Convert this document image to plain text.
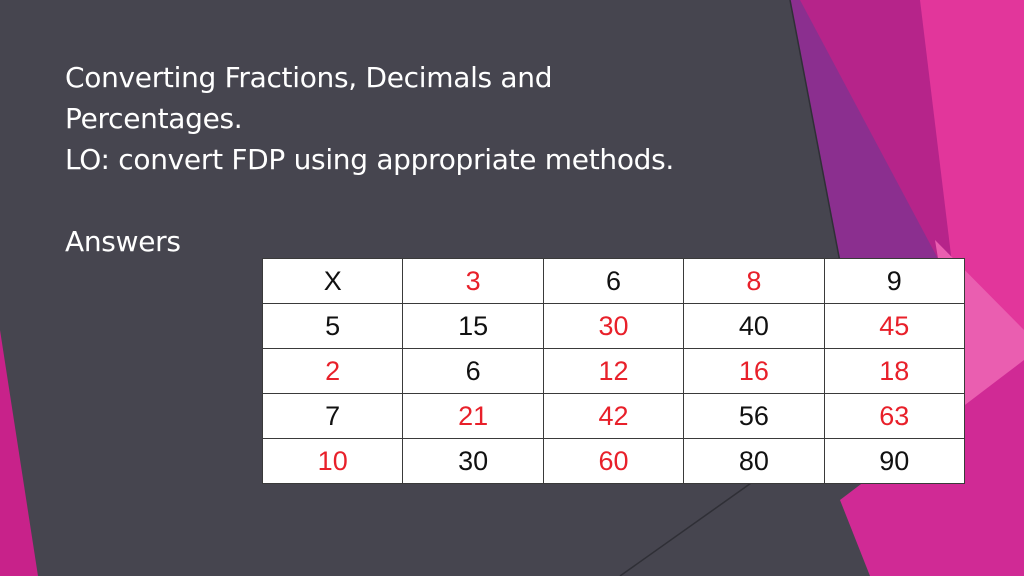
Converting Fractions, Decimals and
Percentages.
LO: convert FDP using appropriate methods.
Answers
X	3	6	8	9
5	15	30	40	45
2	6	12	16	18
7	21	42	56	63
10	30	60	80	90
